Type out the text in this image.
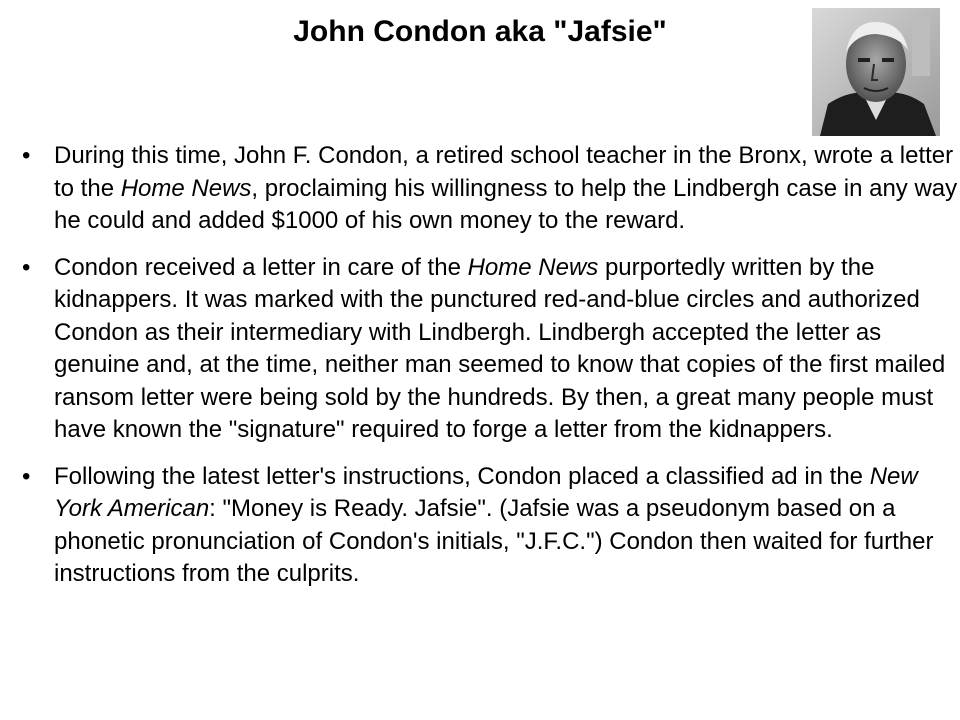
John Condon aka "Jafsie"
• During this time, John F. Condon, a retired school teacher in the Bronx, wrote a letter to the Home News, proclaiming his willingness to help the Lindbergh case in any way he could and added $1000 of his own money to the reward.
• Condon received a letter in care of the Home News purportedly written by the kidnappers. It was marked with the punctured red-and-blue circles and authorized Condon as their intermediary with Lindbergh. Lindbergh accepted the letter as genuine and, at the time, neither man seemed to know that copies of the first mailed ransom letter were being sold by the hundreds. By then, a great many people must have known the "signature" required to forge a letter from the kidnappers.
• Following the latest letter's instructions, Condon placed a classified ad in the New York American: "Money is Ready. Jafsie". (Jafsie was a pseudonym based on a phonetic pronunciation of Condon's initials, "J.F.C.") Condon then waited for further instructions from the culprits.
